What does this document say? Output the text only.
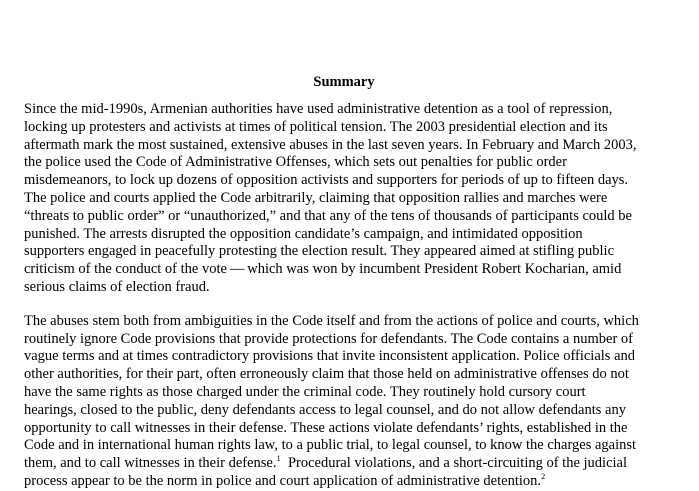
Summary

Since the mid-1990s, Armenian authorities have used administrative detention as a tool of repression,
locking up protesters and activists at times of political tension. The 2003 presidential election and its
aftermath mark the most sustained, extensive abuses in the last seven years. In February and March 2003,
the police used the Code of Administrative Offenses, which sets out penalties for public order
misdemeanors, to lock up dozens of opposition activists and supporters for periods of up to fifteen days.
The police and courts applied the Code arbitrarily, claiming that opposition rallies and marches were
“threats to public order” or “unauthorized,” and that any of the tens of thousands of participants could be
punished. The arrests disrupted the opposition candidate’s campaign, and intimidated opposition
supporters engaged in peacefully protesting the election result. They appeared aimed at stifling public
criticism of the conduct of the vote — which was won by incumbent President Robert Kocharian, amid
serious claims of election fraud.

The abuses stem both from ambiguities in the Code itself and from the actions of police and courts, which
routinely ignore Code provisions that provide protections for defendants. The Code contains a number of
vague terms and at times contradictory provisions that invite inconsistent application. Police officials and
other authorities, for their part, often erroneously claim that those held on administrative offenses do not
have the same rights as those charged under the criminal code. They routinely hold cursory court
hearings, closed to the public, deny defendants access to legal counsel, and do not allow defendants any
opportunity to call witnesses in their defense. These actions violate defendants’ rights, established in the
Code and in international human rights law, to a public trial, to legal counsel, to know the charges against
them, and to call witnesses in their defense.$^1$  Procedural violations, and a short-circuiting of the judicial
process appear to be the norm in police and court application of administrative detention.$^2$
